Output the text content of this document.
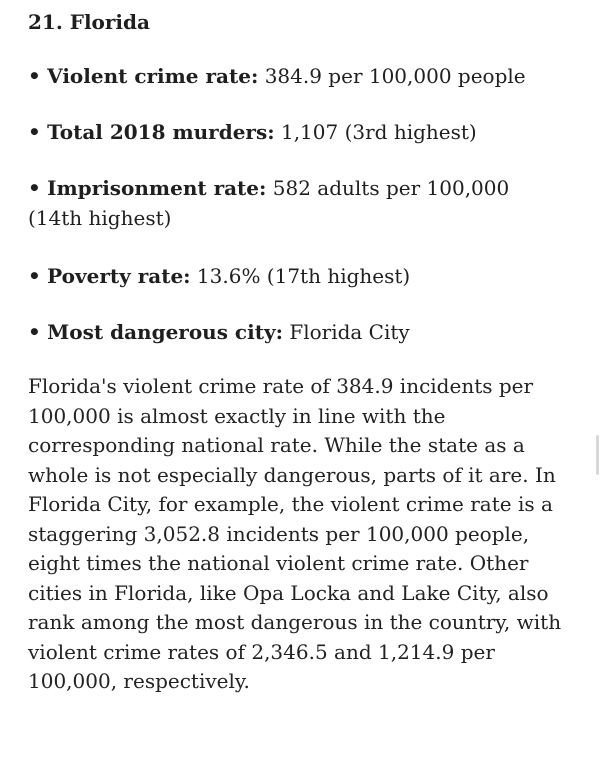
21. Florida
• Violent crime rate: 384.9 per 100,000 people
• Total 2018 murders: 1,107 (3rd highest)
• Imprisonment rate: 582 adults per 100,000 (14th highest)
• Poverty rate: 13.6% (17th highest)
• Most dangerous city: Florida City

Florida's violent crime rate of 384.9 incidents per 100,000 is almost exactly in line with the corresponding national rate. While the state as a whole is not especially dangerous, parts of it are. In Florida City, for example, the violent crime rate is a staggering 3,052.8 incidents per 100,000 people, eight times the national violent crime rate. Other cities in Florida, like Opa Locka and Lake City, also rank among the most dangerous in the country, with violent crime rates of 2,346.5 and 1,214.9 per 100,000, respectively.
